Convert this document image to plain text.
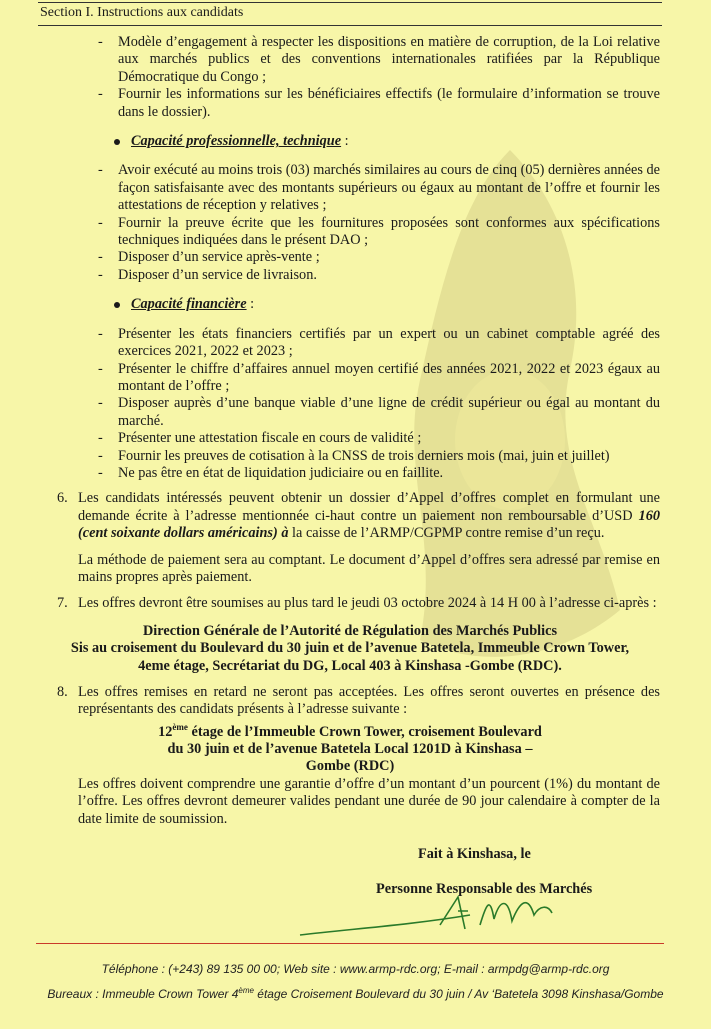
Section I. Instructions aux candidats
- Modèle d’engagement à respecter les dispositions en matière de corruption, de la Loi relative aux marchés publics et des conventions internationales ratifiées par la République Démocratique du Congo ;
- Fournir les informations sur les bénéficiaires effectifs (le formulaire d’information se trouve dans le dossier).
Capacité professionnelle, technique :
- Avoir exécuté au moins trois (03) marchés similaires au cours de cinq (05) dernières années de façon satisfaisante avec des montants supérieurs ou égaux au montant de l’offre et fournir les attestations de réception y relatives ;
- Fournir la preuve écrite que les fournitures proposées sont conformes aux spécifications techniques indiquées dans le présent DAO ;
- Disposer d’un service après-vente ;
- Disposer d’un service de livraison.
Capacité financière :
- Présenter les états financiers certifiés par un expert ou un cabinet comptable agréé des exercices 2021, 2022 et 2023 ;
- Présenter le chiffre d’affaires annuel moyen certifié des années 2021, 2022 et 2023 égaux au montant de l’offre ;
- Disposer auprès d’une banque viable d’une ligne de crédit supérieur ou égal au montant du marché.
- Présenter une attestation fiscale en cours de validité ;
- Fournir les preuves de cotisation à la CNSS de trois derniers mois (mai, juin et juillet)
- Ne pas être en état de liquidation judiciaire ou en faillite.
6. Les candidats intéressés peuvent obtenir un dossier d’Appel d’offres complet en formulant une demande écrite à l’adresse mentionnée ci-haut contre un paiement non remboursable d’USD 160 (cent soixante dollars américains) à la caisse de l’ARMP/CGPMP contre remise d’un reçu.
La méthode de paiement sera au comptant. Le document d’Appel d’offres sera adressé par remise en mains propres après paiement.
7. Les offres devront être soumises au plus tard le jeudi 03 octobre 2024 à 14 H 00 à l’adresse ci-après :
Direction Générale de l’Autorité de Régulation des Marchés Publics
Sis au croisement du Boulevard du 30 juin et de l’avenue Batetela, Immeuble Crown Tower,
4eme étage, Secrétariat du DG, Local 403 à Kinshasa -Gombe (RDC).
8. Les offres remises en retard ne seront pas acceptées. Les offres seront ouvertes en présence des représentants des candidats présents à l’adresse suivante :
12ème étage de l’Immeuble Crown Tower, croisement Boulevard
du 30 juin et de l’avenue Batetela Local 1201D à Kinshasa –
Gombe (RDC)
Les offres doivent comprendre une garantie d’offre d’un montant d’un pourcent (1%) du montant de l’offre. Les offres devront demeurer valides pendant une durée de 90 jour calendaire à compter de la date limite de soumission.
Fait à Kinshasa, le
Personne Responsable des Marchés
Téléphone : (+243) 89 135 00 00; Web site : www.armp-rdc.org; E-mail : armpdg@armp-rdc.org
Bureaux : Immeuble Crown Tower 4ème étage Croisement Boulevard du 30 juin / Av ‘Batetela 3098 Kinshasa/Gombe
